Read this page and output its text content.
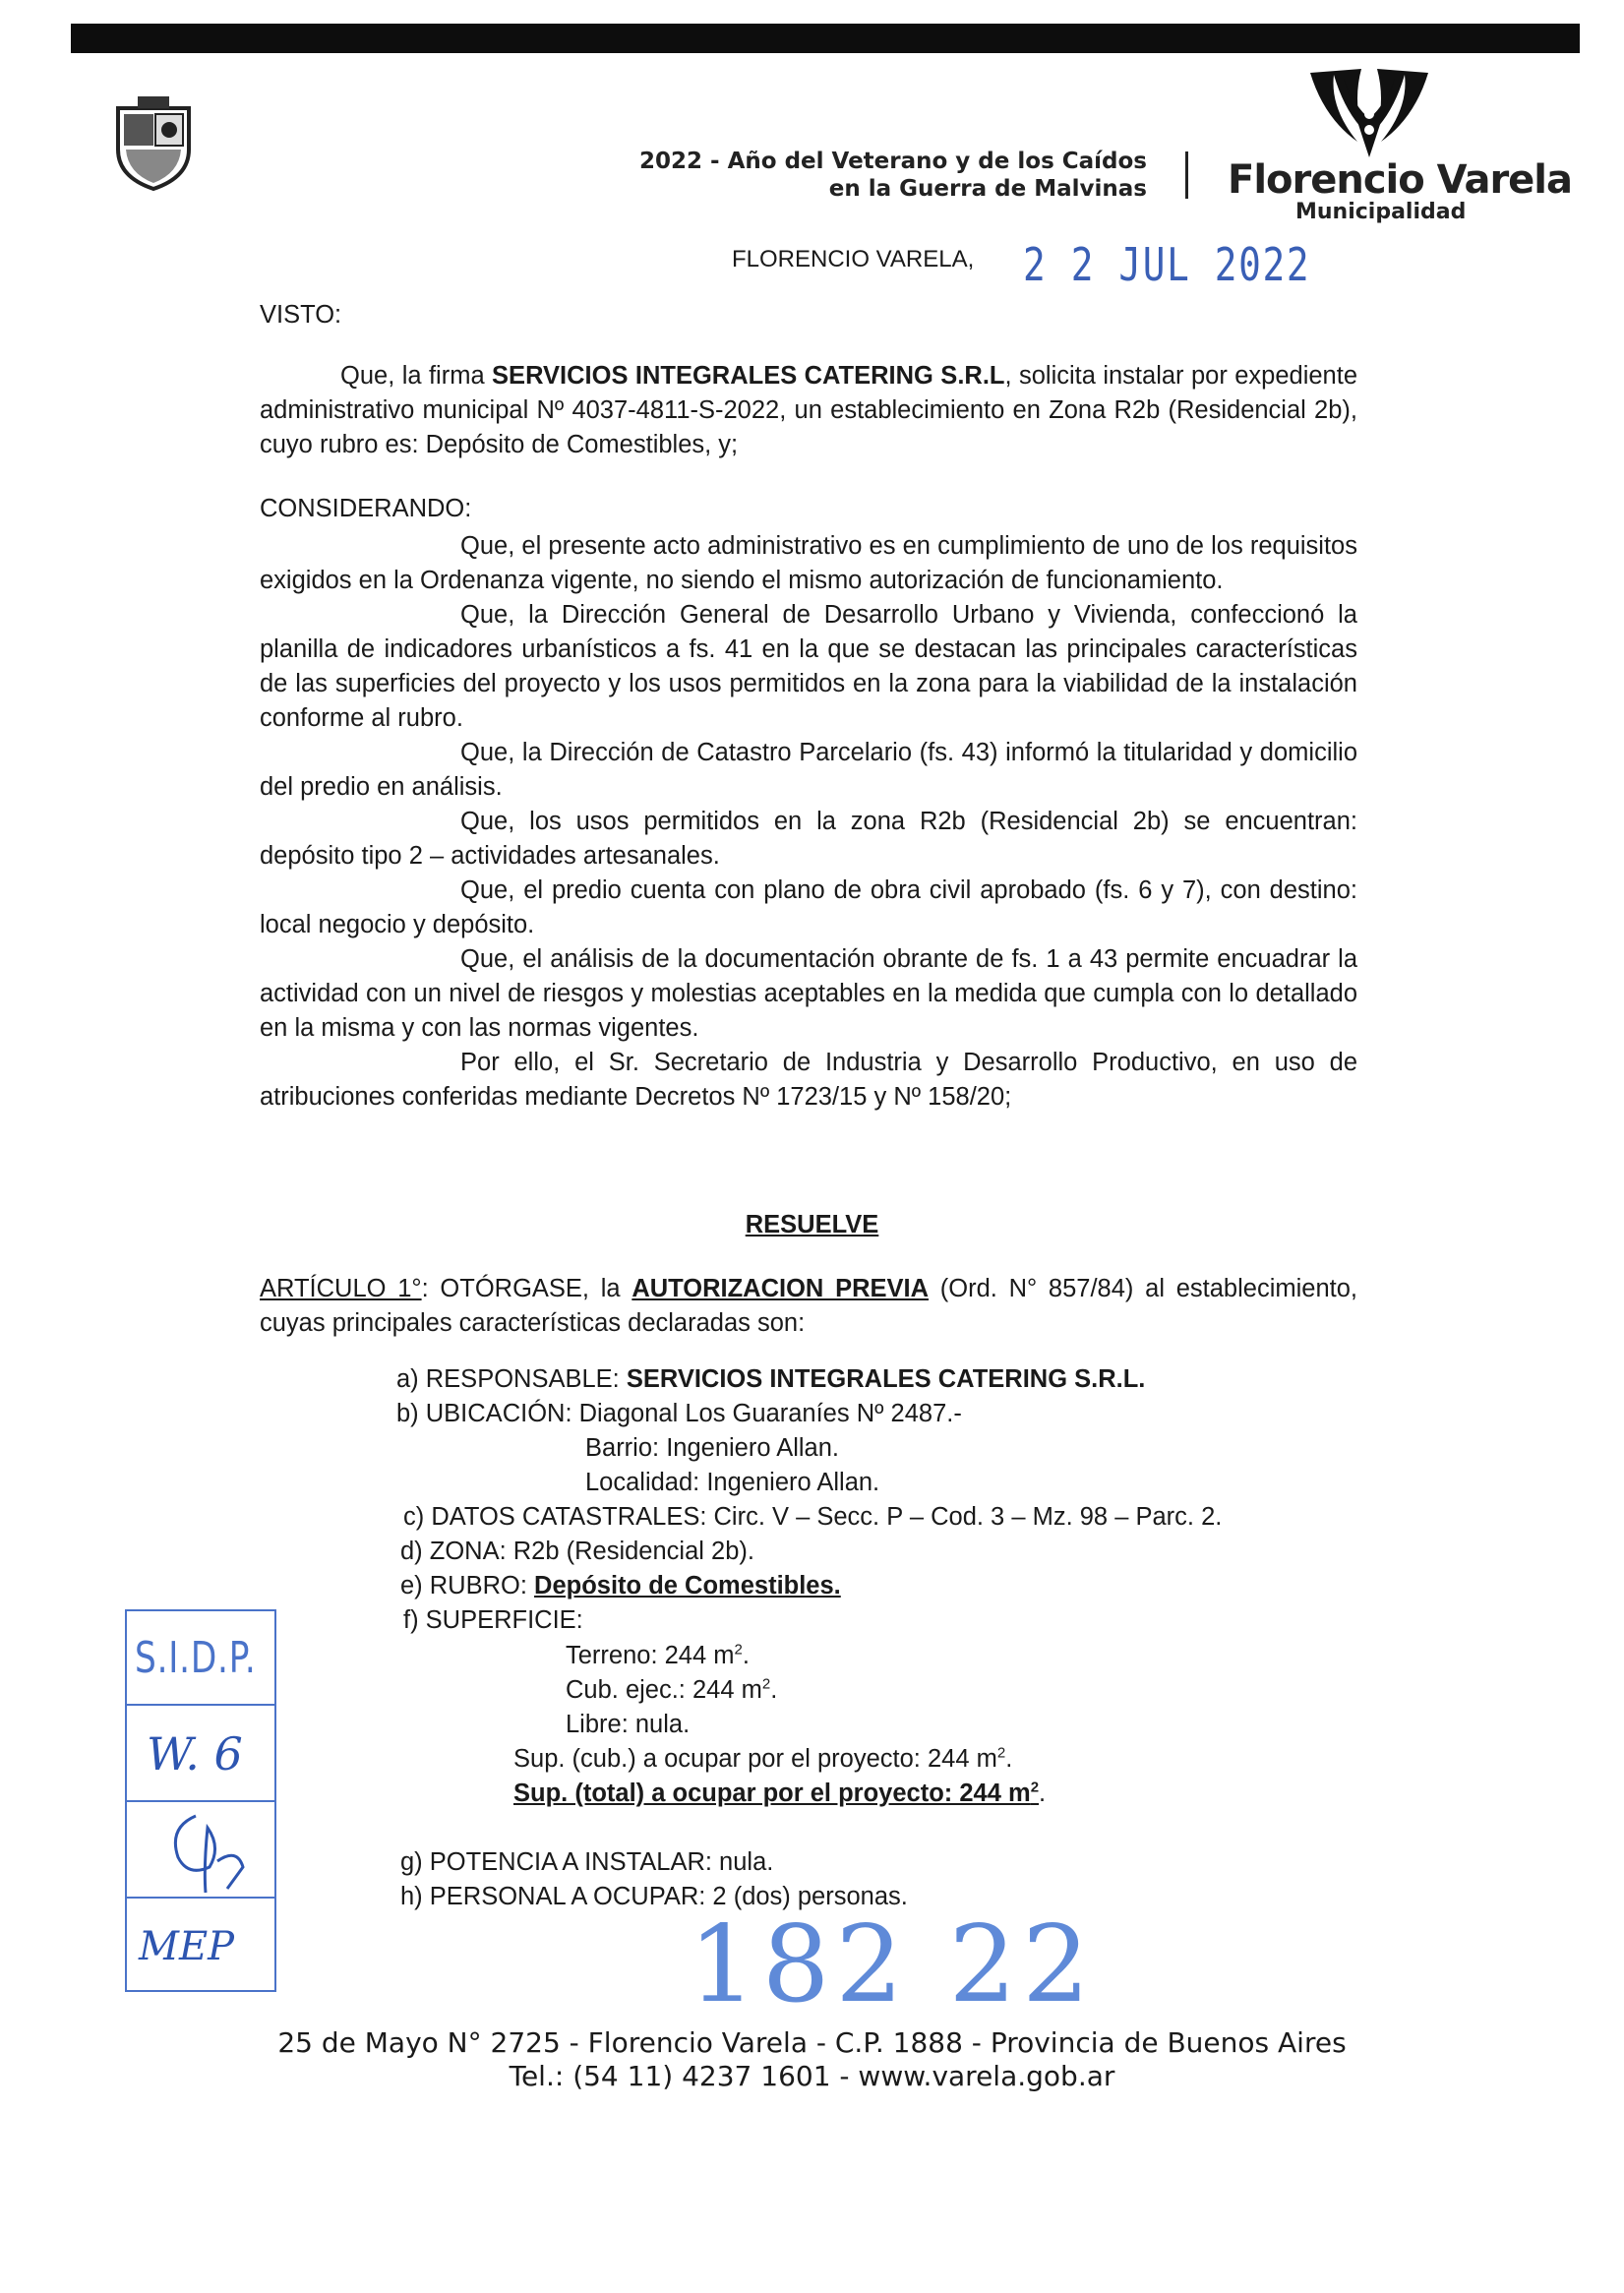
2022 - Año del Veterano y de los Caídos
en la Guerra de Malvinas Florencio Varela
Municipalidad
FLORENCIO VARELA, 2 2 JUL 2022
VISTO:

Que, la firma SERVICIOS INTEGRALES CATERING S.R.L, solicita instalar por expediente administrativo municipal Nº 4037-4811-S-2022, un establecimiento en Zona R2b (Residencial 2b), cuyo rubro es: Depósito de Comestibles, y;

CONSIDERANDO:

Que, el presente acto administrativo es en cumplimiento de uno de los requisitos exigidos en la Ordenanza vigente, no siendo el mismo autorización de funcionamiento.

Que, la Dirección General de Desarrollo Urbano y Vivienda, confeccionó la planilla de indicadores urbanísticos a fs. 41 en la que se destacan las principales características de las superficies del proyecto y los usos permitidos en la zona para la viabilidad de la instalación conforme al rubro.

Que, la Dirección de Catastro Parcelario (fs. 43) informó la titularidad y domicilio del predio en análisis.

Que, los usos permitidos en la zona R2b (Residencial 2b) se encuentran: depósito tipo 2 – actividades artesanales.

Que, el predio cuenta con plano de obra civil aprobado (fs. 6 y 7), con destino: local negocio y depósito.

Que, el análisis de la documentación obrante de fs. 1 a 43 permite encuadrar la actividad con un nivel de riesgos y molestias aceptables en la medida que cumpla con lo detallado en la misma y con las normas vigentes.

Por ello, el Sr. Secretario de Industria y Desarrollo Productivo, en uso de atribuciones conferidas mediante Decretos Nº 1723/15 y Nº 158/20;

RESUELVE

ARTÍCULO 1°: OTÓRGASE, la AUTORIZACION PREVIA (Ord. N° 857/84) al establecimiento, cuyas principales características declaradas son:

a) RESPONSABLE: SERVICIOS INTEGRALES CATERING S.R.L.
b) UBICACIÓN: Diagonal Los Guaraníes Nº 2487.-
Barrio: Ingeniero Allan.
Localidad: Ingeniero Allan.
c) DATOS CATASTRALES: Circ. V – Secc. P – Cod. 3 – Mz. 98 – Parc. 2.
d) ZONA: R2b (Residencial 2b).
e) RUBRO: Depósito de Comestibles.
f) SUPERFICIE:
Terreno: 244 $m^2$.
Cub. ejec.: 244 $m^2$.
Libre: nula.
Sup. (cub.) a ocupar por el proyecto: 244 $m^2$.
Sup. (total) a ocupar por el proyecto: 244 $m^2$.
g) POTENCIA A INSTALAR: nula.
h) PERSONAL A OCUPAR: 2 (dos) personas.
S.I.D.P.
W. 6
MEP	182 22
25 de Mayo N° 2725 - Florencio Varela - C.P. 1888 - Provincia de Buenos Aires
Tel.: (54 11) 4237 1601 - www.varela.gob.ar
